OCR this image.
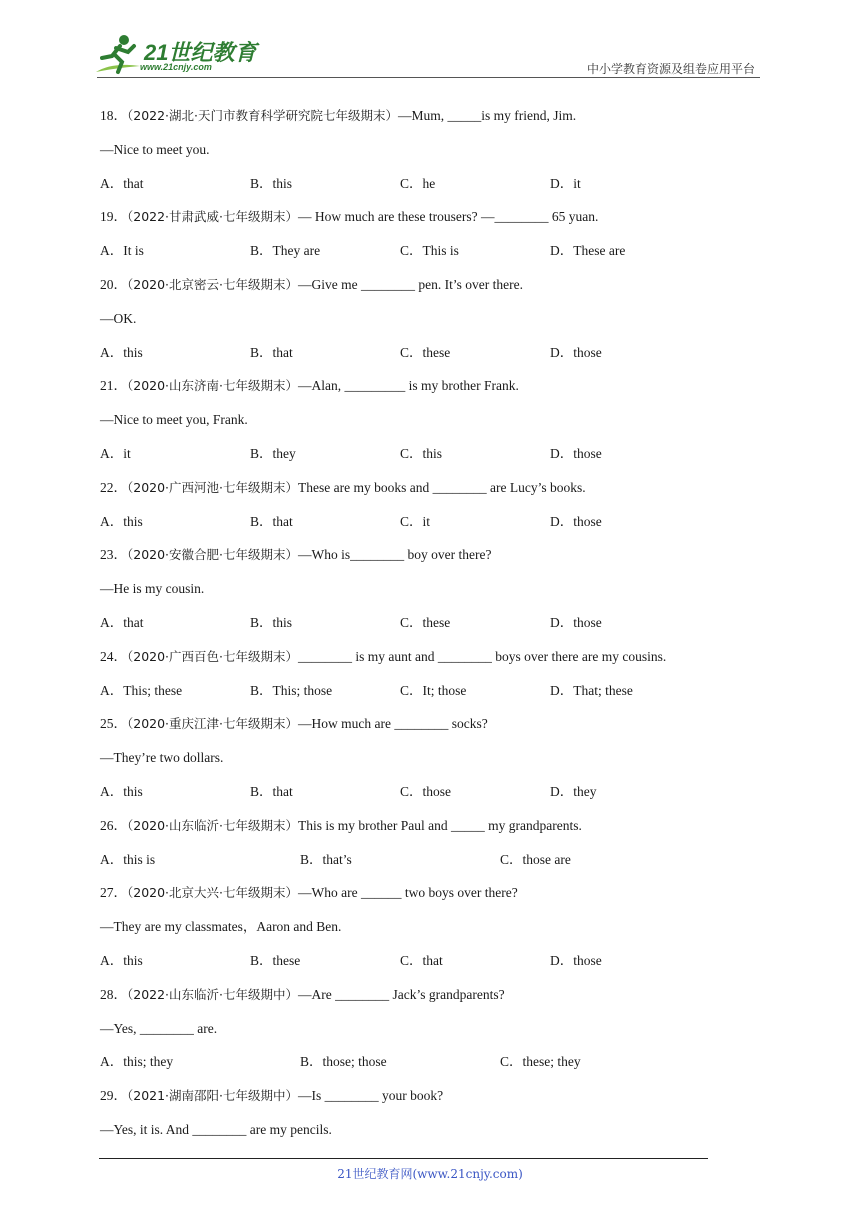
21世纪教育
www.21cnjy.com	中小学教育资源及组卷应用平台
18．（2022·湖北·天门市教育科学研究院七年级期末）—Mum, _____is my friend, Jim.
—Nice to meet you.
A．that	B．this	C．he	D．it
19．（2022·甘肃武威·七年级期末）— How much are these trousers? —________ 65 yuan.
A．It is	B．They are	C．This is	D．These are
20．（2020·北京密云·七年级期末）—Give me ________ pen. It’s over there.
—OK.
A．this	B．that	C．these	D．those
21．（2020·山东济南·七年级期末）—Alan, _________ is my brother Frank.
—Nice to meet you, Frank.
A．it	B．they	C．this	D．those
22．（2020·广西河池·七年级期末）These are my books and ________ are Lucy’s books.
A．this	B．that	C．it	D．those
23．（2020·安徽合肥·七年级期末）—Who is________ boy over there?
—He is my cousin.
A．that	B．this	C．these	D．those
24．（2020·广西百色·七年级期末）________ is my aunt and ________ boys over there are my cousins.
A．This; these	B．This; those	C．It; those	D．That; these
25．（2020·重庆江津·七年级期末）—How much are ________ socks?
—They’re two dollars.
A．this	B．that	C．those	D．they
26．（2020·山东临沂·七年级期末）This is my brother Paul and _____ my grandparents.
A．this is	B．that’s	C．those are
27．（2020·北京大兴·七年级期末）—Who are ______ two boys over there?
—They are my classmates，Aaron and Ben.
A．this	B．these	C．that	D．those
28．（2022·山东临沂·七年级期中）—Are ________ Jack’s grandparents?
—Yes, ________ are.
A．this; they	B．those; those	C．these; they
29．（2021·湖南邵阳·七年级期中）—Is ________ your book?
—Yes, it is. And ________ are my pencils.
21世纪教育网(www.21cnjy.com)
